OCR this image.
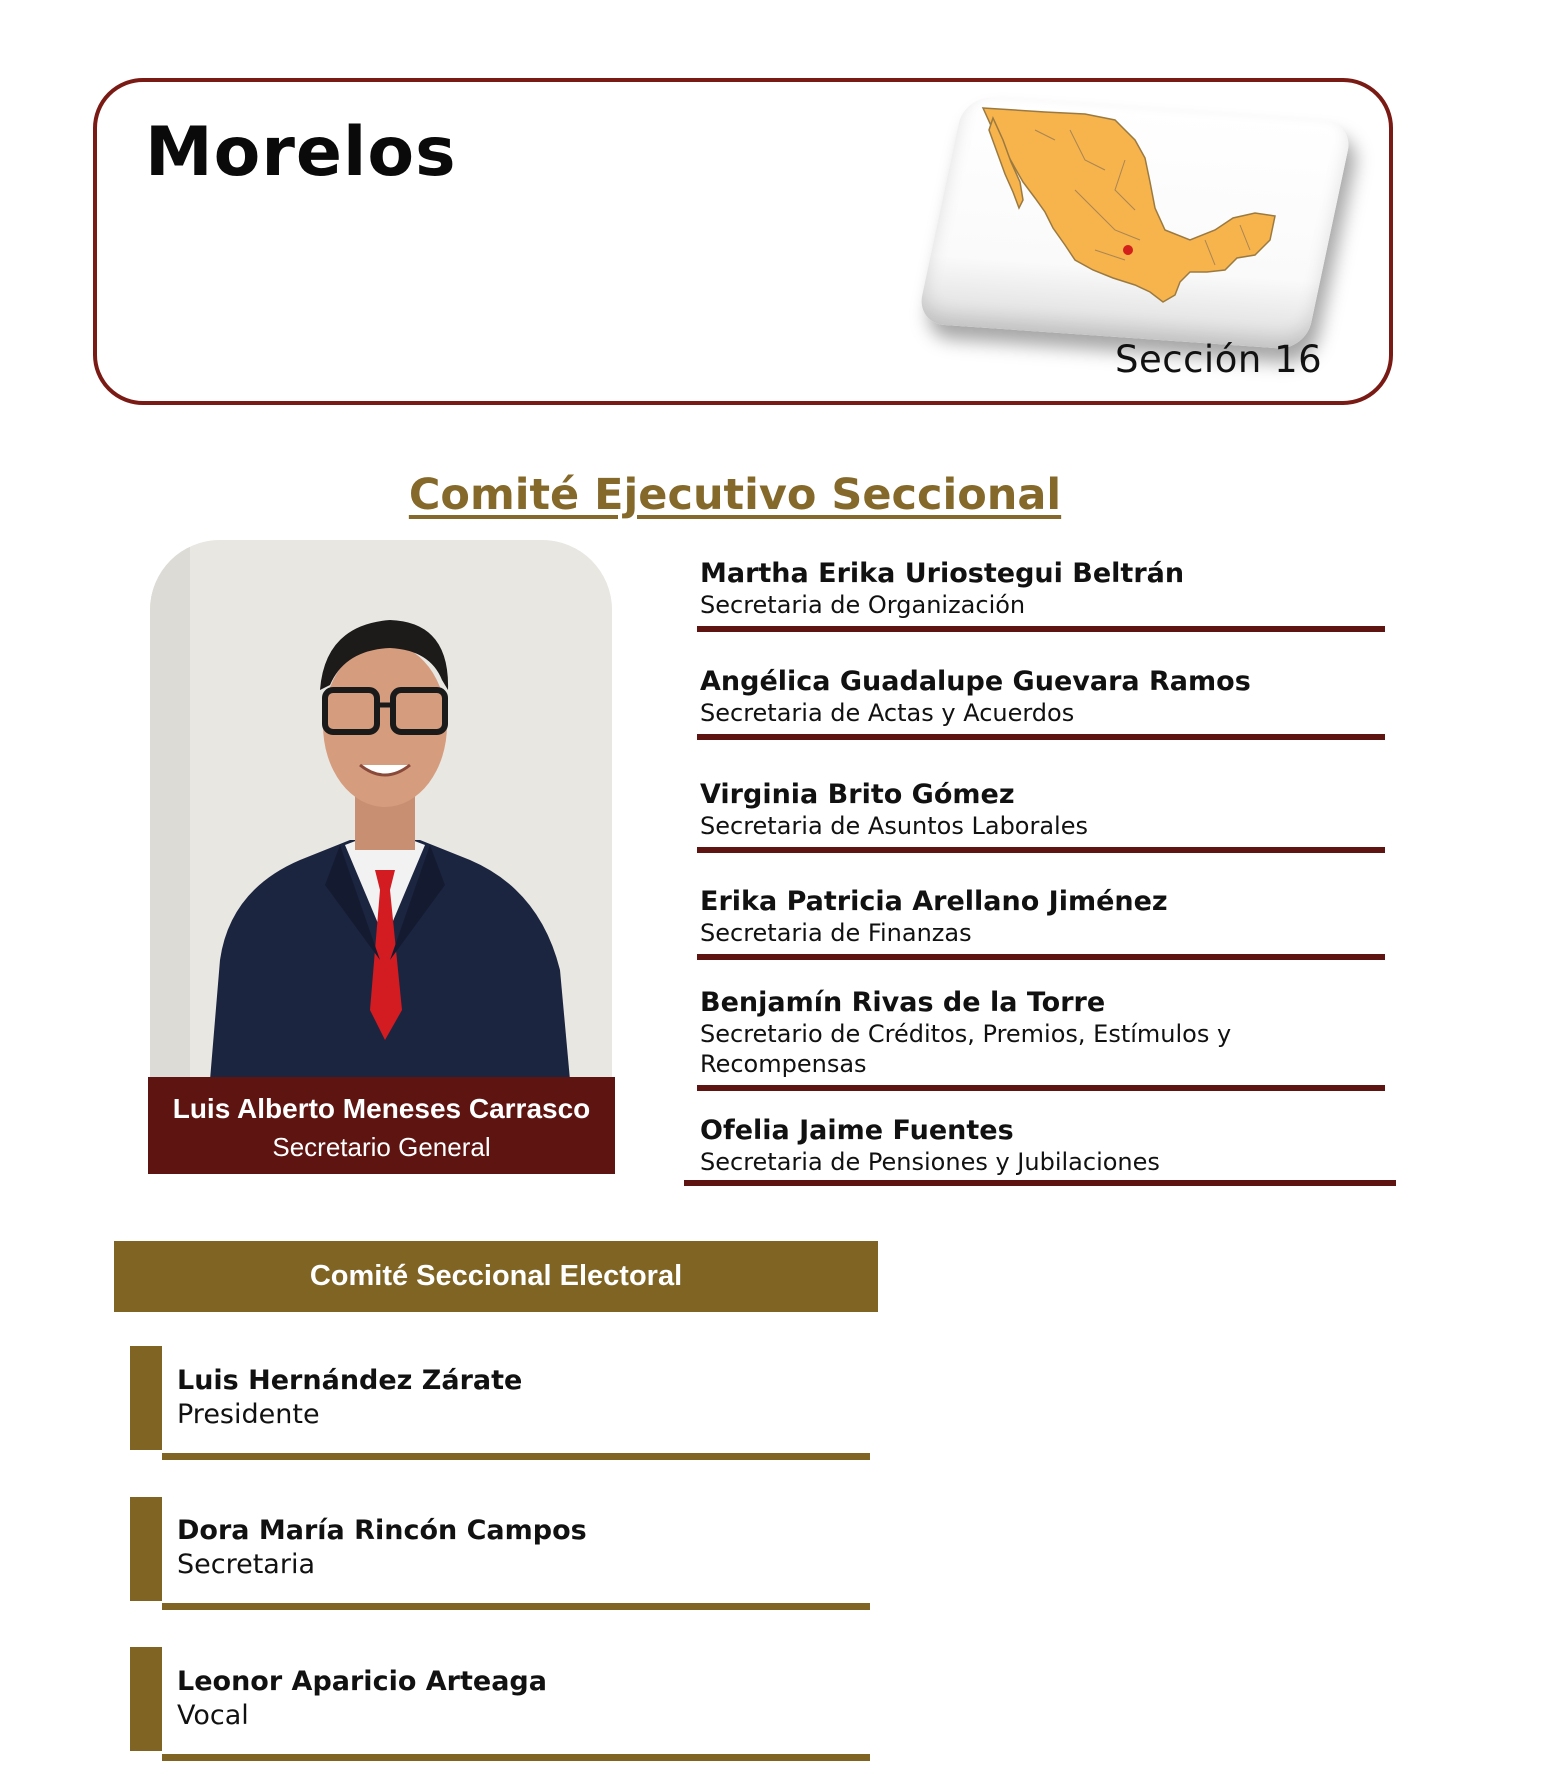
Morelos
Sección 16
Comité Ejecutivo Seccional
Luis Alberto Meneses Carrasco
Secretario General
Martha Erika Uriostegui Beltrán
Secretaria de Organización
Angélica Guadalupe Guevara Ramos
Secretaria de Actas y Acuerdos
Virginia Brito Gómez
Secretaria de Asuntos Laborales
Erika Patricia Arellano Jiménez
Secretaria de Finanzas
Benjamín Rivas de la Torre
Secretario de Créditos, Premios, Estímulos y Recompensas
Ofelia Jaime Fuentes
Secretaria de Pensiones y Jubilaciones
Comité Seccional Electoral
Luis Hernández Zárate
Presidente
Dora María Rincón Campos
Secretaria
Leonor Aparicio Arteaga
Vocal
